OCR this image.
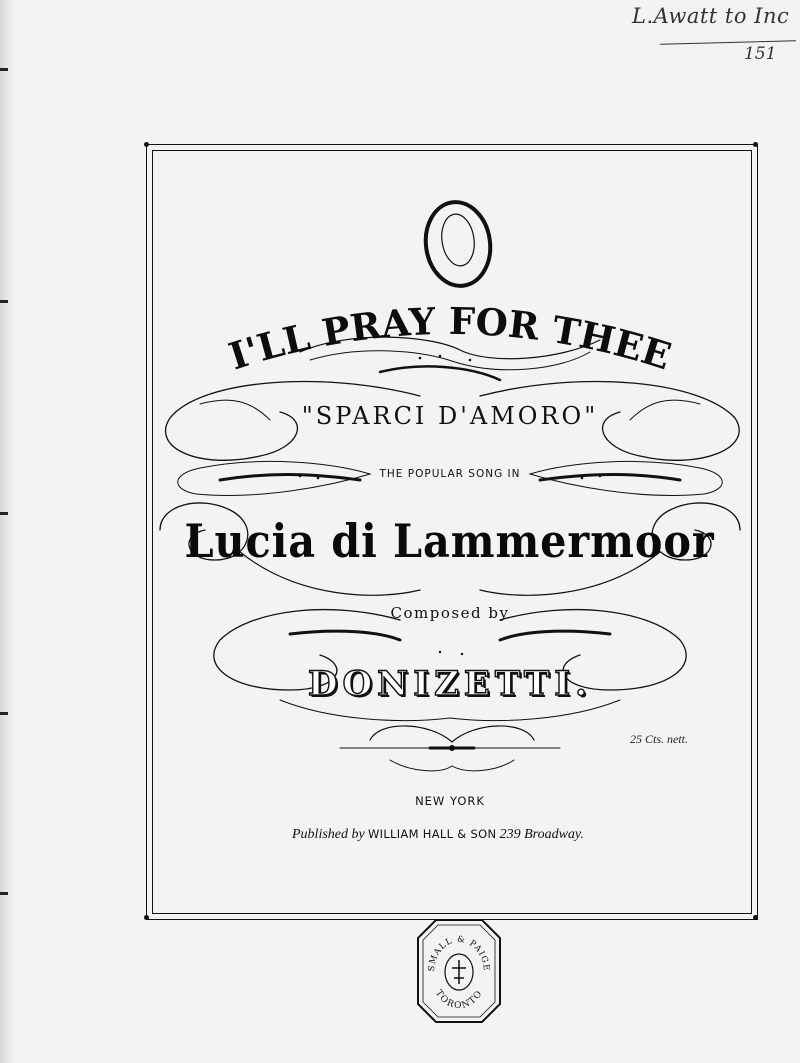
L.Awatt to Inc
151
I'LL PRAY FOR THEE
"SPARCI D'AMORO"
THE POPULAR SONG IN
Lucia di Lammermoor
Composed by
DONIZETTI.
25 Cts. nett.
NEW YORK
Published by WILLIAM HALL & SON 239 Broadway.
SMALL & PAIGE
TORONTO
